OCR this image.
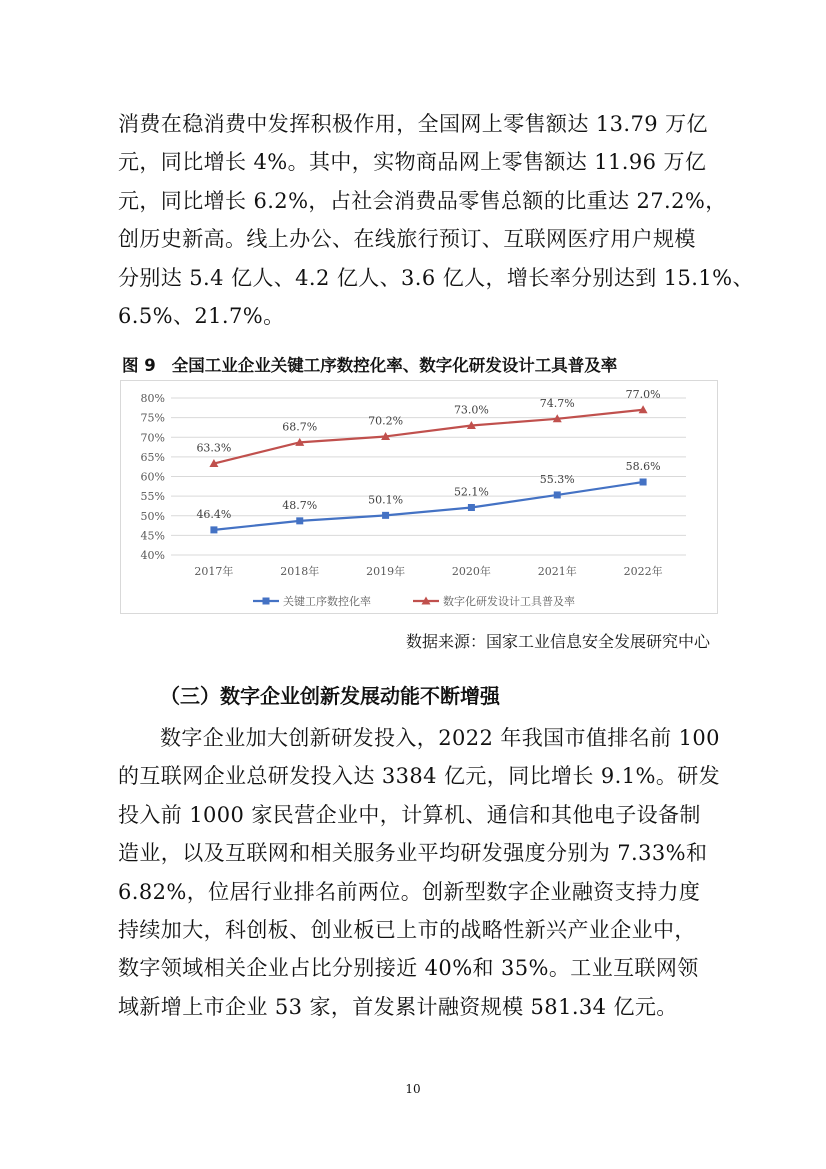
消费在稳消费中发挥积极作用，全国网上零售额达 13.79 万亿
元，同比增长 4%。其中，实物商品网上零售额达 11.96 万亿
元，同比增长 6.2%，占社会消费品零售总额的比重达 27.2%，
创历史新高。线上办公、在线旅行预订、互联网医疗用户规模
分别达 5.4 亿人、4.2 亿人、3.6 亿人，增长率分别达到 15.1%、
6.5%、21.7%。
图 9 全国工业企业关键工序数控化率、数字化研发设计工具普及率
80%
75%
70%
65%
60%
55%
50%
45%
40%
2017年	2018年	2019年	2020年	2021年	2022年
46.4%
48.7%	50.1%
52.1%
55.3%
58.6%
63.3%
68.7%	70.2%
73.0%
74.7%
77.0%
关键工序数控化率	数字化研发设计工具普及率
数据来源：国家工业信息安全发展研究中心
（三）数字企业创新发展动能不断增强
数字企业加大创新研发投入，2022 年我国市值排名前 100
的互联网企业总研发投入达 3384 亿元，同比增长 9.1%。研发
投入前 1000 家民营企业中，计算机、通信和其他电子设备制
造业，以及互联网和相关服务业平均研发强度分别为 7.33%和
6.82%，位居行业排名前两位。创新型数字企业融资支持力度
持续加大，科创板、创业板已上市的战略性新兴产业企业中，
数字领域相关企业占比分别接近 40%和 35%。工业互联网领
域新增上市企业 53 家，首发累计融资规模 581.34 亿元。
10
